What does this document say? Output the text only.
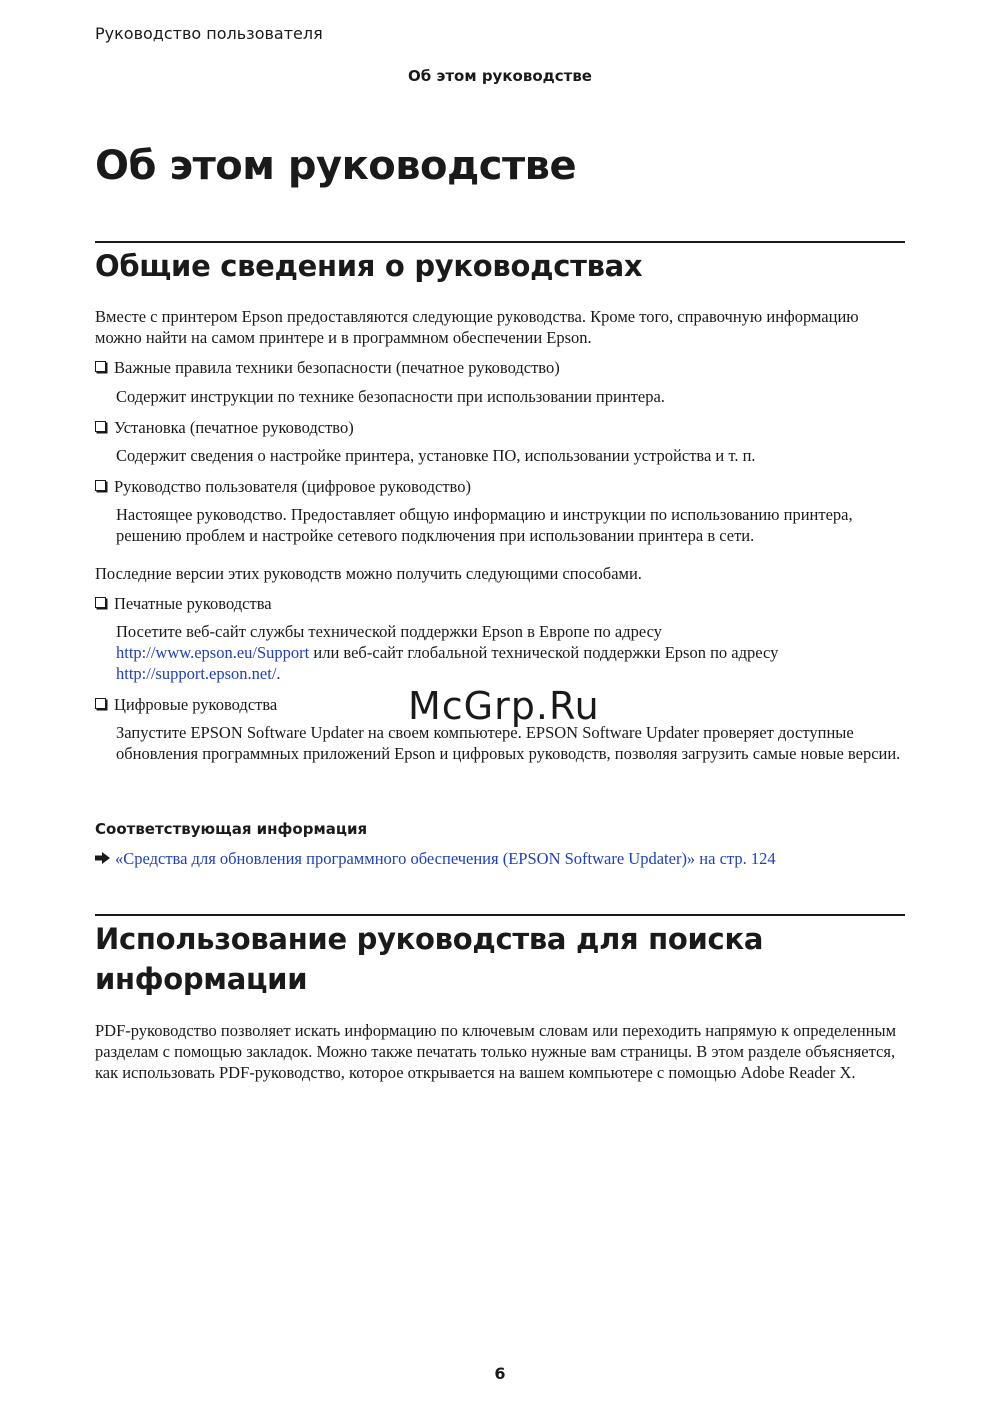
Руководство пользователя
Об этом руководстве
Об этом руководстве
Общие сведения о руководствах

Вместе с принтером Epson предоставляются следующие руководства. Кроме того, справочную информацию можно найти на самом принтере и в программном обеспечении Epson.

Важные правила техники безопасности (печатное руководство)

Содержит инструкции по технике безопасности при использовании принтера.

Установка (печатное руководство)

Содержит сведения о настройке принтера, установке ПО, использовании устройства и т. п.

Руководство пользователя (цифровое руководство)

Настоящее руководство. Предоставляет общую информацию и инструкции по использованию принтера, решению проблем и настройке сетевого подключения при использовании принтера в сети.

Последние версии этих руководств можно получить следующими способами.

Печатные руководства

Посетите веб-сайт службы технической поддержки Epson в Европе по адресу
http://www.epson.eu/Support или веб-сайт глобальной технической поддержки Epson по адресу
http://support.epson.net/.

Цифровые руководства

Запустите EPSON Software Updater на своем компьютере. EPSON Software Updater проверяет доступные обновления программных приложений Epson и цифровых руководств, позволяя загрузить самые новые версии.

Соответствующая информация
«Средства для обновления программного обеспечения (EPSON Software Updater)» на стр. 124
Использование руководства для поиска
информации

PDF-руководство позволяет искать информацию по ключевым словам или переходить напрямую к определенным разделам с помощью закладок. Можно также печатать только нужные вам страницы. В этом разделе объясняется, как использовать PDF-руководство, которое открывается на вашем компьютере с помощью Adobe Reader X.

McGrp.Ru
6
